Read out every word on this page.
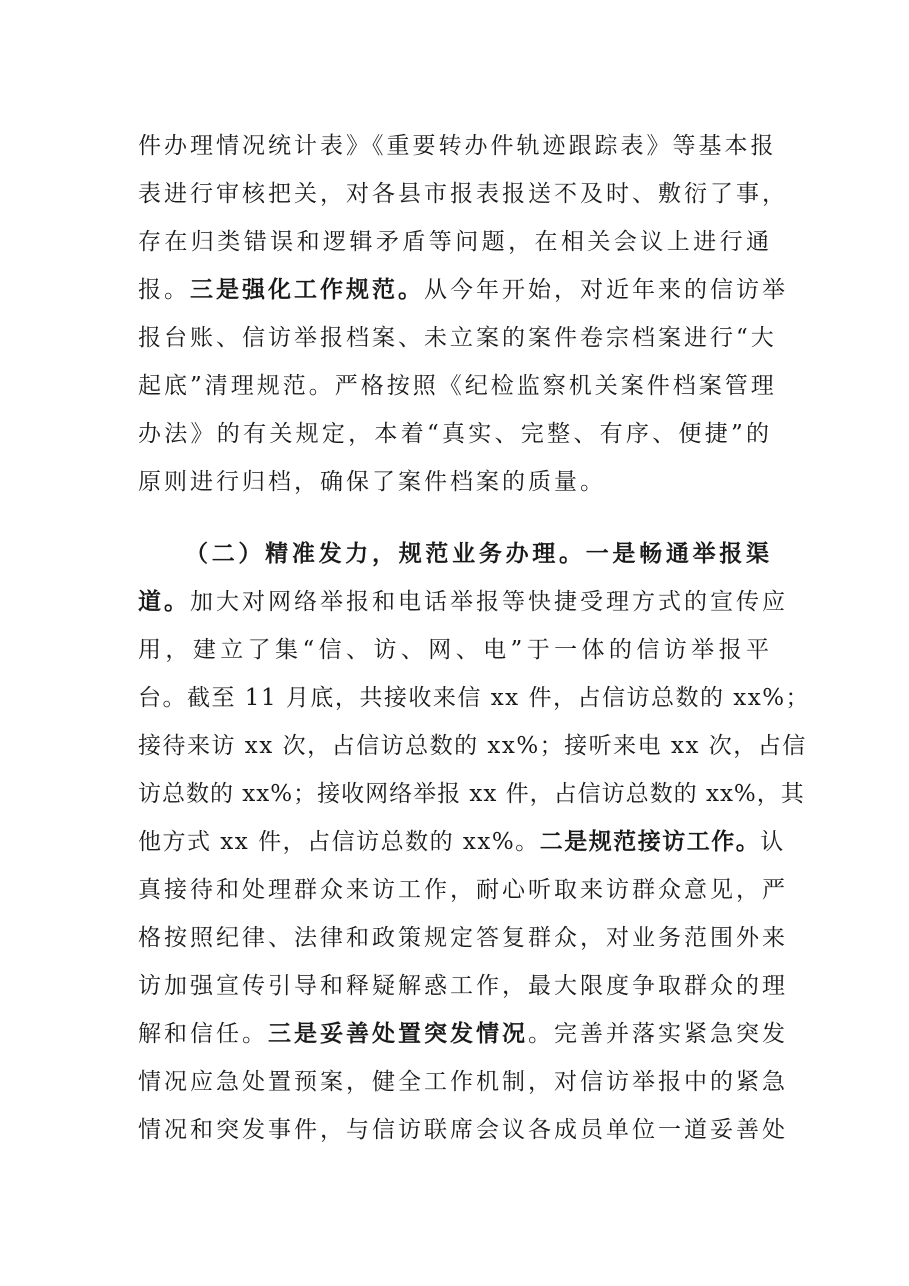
件办理情况统计表》《重要转办件轨迹跟踪表》等基本报
表进行审核把关，对各县市报表报送不及时、敷衍了事，
存在归类错误和逻辑矛盾等问题，在相关会议上进行通
报。三是强化工作规范。从今年开始，对近年来的信访举
报台账、信访举报档案、未立案的案件卷宗档案进行“大
起底”清理规范。严格按照《纪检监察机关案件档案管理
办法》的有关规定，本着“真实、完整、有序、便捷”的
原则进行归档，确保了案件档案的质量。
（二）精准发力，规范业务办理。一是畅通举报渠
道。加大对网络举报和电话举报等快捷受理方式的宣传应
用，建立了集“信、访、网、电”于一体的信访举报平
台。截至 11 月底，共接收来信 xx 件，占信访总数的 xx%；
接待来访 xx 次，占信访总数的 xx%；接听来电 xx 次，占信
访总数的 xx%；接收网络举报 xx 件，占信访总数的 xx%，其
他方式 xx 件，占信访总数的 xx%。二是规范接访工作。认
真接待和处理群众来访工作，耐心听取来访群众意见，严
格按照纪律、法律和政策规定答复群众，对业务范围外来
访加强宣传引导和释疑解惑工作，最大限度争取群众的理
解和信任。三是妥善处置突发情况。完善并落实紧急突发
情况应急处置预案，健全工作机制，对信访举报中的紧急
情况和突发事件，与信访联席会议各成员单位一道妥善处
